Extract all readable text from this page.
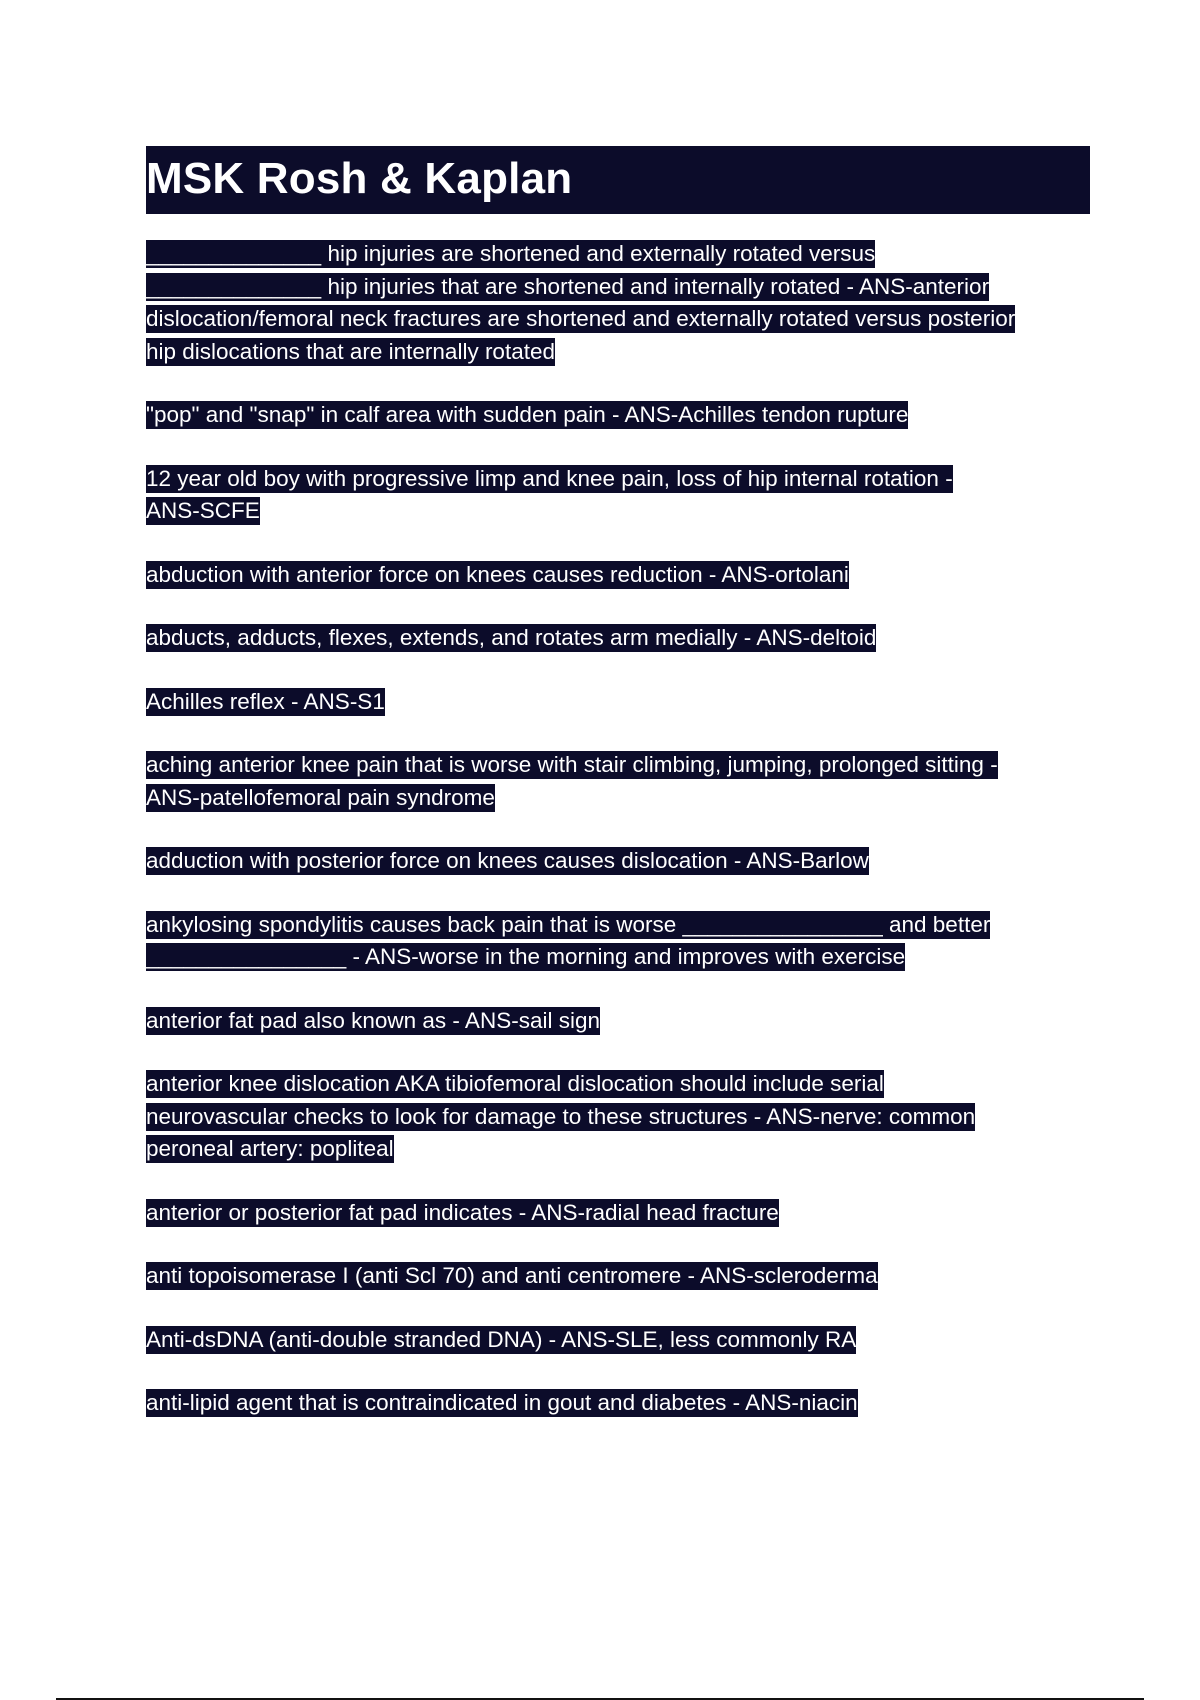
MSK Rosh & Kaplan
______________ hip injuries are shortened and externally rotated versus
______________ hip injuries that are shortened and internally rotated - ANS-anterior
dislocation/femoral neck fractures are shortened and externally rotated versus posterior
hip dislocations that are internally rotated
"pop" and "snap" in calf area with sudden pain - ANS-Achilles tendon rupture
12 year old boy with progressive limp and knee pain, loss of hip internal rotation -
ANS-SCFE
abduction with anterior force on knees causes reduction - ANS-ortolani
abducts, adducts, flexes, extends, and rotates arm medially - ANS-deltoid
Achilles reflex - ANS-S1
aching anterior knee pain that is worse with stair climbing, jumping, prolonged sitting -
ANS-patellofemoral pain syndrome
adduction with posterior force on knees causes dislocation - ANS-Barlow
ankylosing spondylitis causes back pain that is worse ________________ and better
________________ - ANS-worse in the morning and improves with exercise
anterior fat pad also known as - ANS-sail sign
anterior knee dislocation AKA tibiofemoral dislocation should include serial
neurovascular checks to look for damage to these structures - ANS-nerve: common
peroneal artery: popliteal
anterior or posterior fat pad indicates - ANS-radial head fracture
anti topoisomerase I (anti Scl 70) and anti centromere - ANS-scleroderma
Anti-dsDNA (anti-double stranded DNA) - ANS-SLE, less commonly RA
anti-lipid agent that is contraindicated in gout and diabetes - ANS-niacin
